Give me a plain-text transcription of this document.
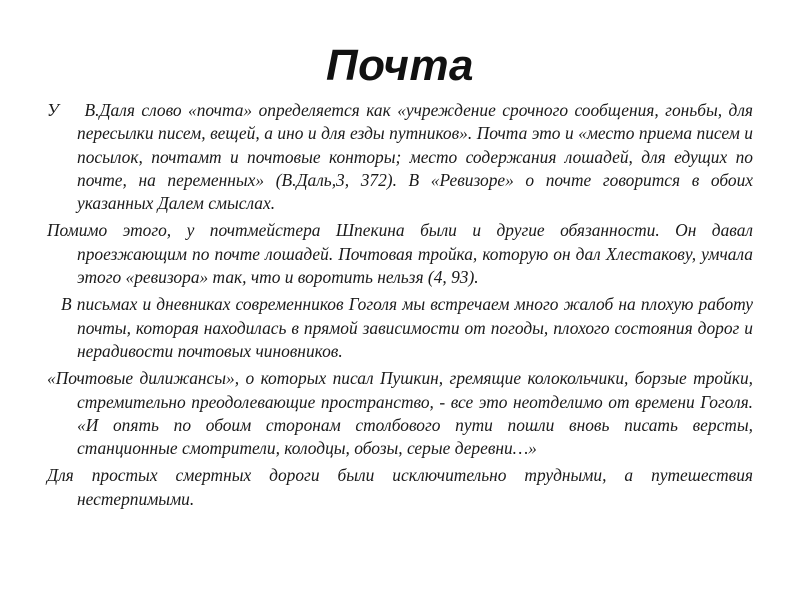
Почта

У    В.Даля слово «почта» определяется как «учреждение срочного сообщения, гоньбы, для пересылки писем, вещей, а ино и для езды путников». Почта это и «место приема писем и посылок, почтамт и почтовые конторы; место содержания лошадей, для едущих по почте, на переменных» (В.Даль,3, 372). В «Ревизоре» о почте говорится в обоих указанных Далем смыслах.

Помимо этого, у почтмейстера Шпекина были и другие обязанности. Он давал проезжающим по почте лошадей. Почтовая тройка, которую он дал Хлестакову, умчала этого «ревизора» так, что и воротить нельзя (4, 93).

В письмах и дневниках современников Гоголя мы встречаем много жалоб на плохую работу почты, которая находилась в прямой зависимости от погоды, плохого состояния дорог и нерадивости почтовых чиновников.

«Почтовые дилижансы», о которых писал Пушкин, гремящие колокольчики, борзые тройки, стремительно преодолевающие пространство, - все это неотделимо от времени Гоголя. «И опять по обоим сторонам столбового пути пошли вновь писать версты, станционные смотрители, колодцы, обозы, серые деревни…»

Для простых смертных дороги были исключительно трудными, а путешествия нестерпимыми.
